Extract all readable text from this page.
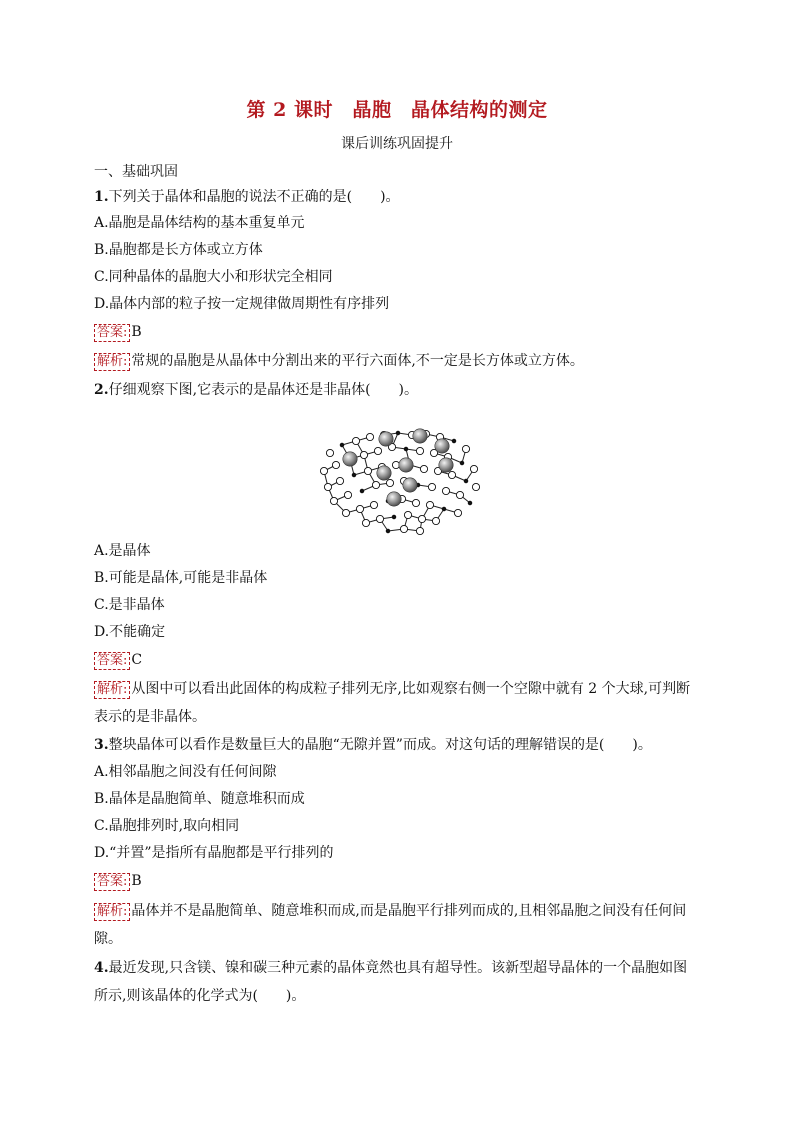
第 2 课时　晶胞　晶体结构的测定
课后训练巩固提升
一、基础巩固
1.下列关于晶体和晶胞的说法不正确的是(　　)。
A.晶胞是晶体结构的基本重复单元
B.晶胞都是长方体或立方体
C.同种晶体的晶胞大小和形状完全相同
D.晶体内部的粒子按一定规律做周期性有序排列
答案: B
解析: 常规的晶胞是从晶体中分割出来的平行六面体,不一定是长方体或立方体。
2.仔细观察下图,它表示的是晶体还是非晶体(　　)。
A.是晶体
B.可能是晶体,可能是非晶体
C.是非晶体
D.不能确定
答案: C
解析: 从图中可以看出此固体的构成粒子排列无序,比如观察右侧一个空隙中就有 2 个大球,可判断
表示的是非晶体。
3.整块晶体可以看作是数量巨大的晶胞“无隙并置”而成。对这句话的理解错误的是(　　)。
A.相邻晶胞之间没有任何间隙
B.晶体是晶胞简单、随意堆积而成
C.晶胞排列时,取向相同
D.“并置”是指所有晶胞都是平行排列的
答案: B
解析: 晶体并不是晶胞简单、随意堆积而成,而是晶胞平行排列而成的,且相邻晶胞之间没有任何间
隙。
4.最近发现,只含镁、镍和碳三种元素的晶体竟然也具有超导性。该新型超导晶体的一个晶胞如图
所示,则该晶体的化学式为(　　)。
